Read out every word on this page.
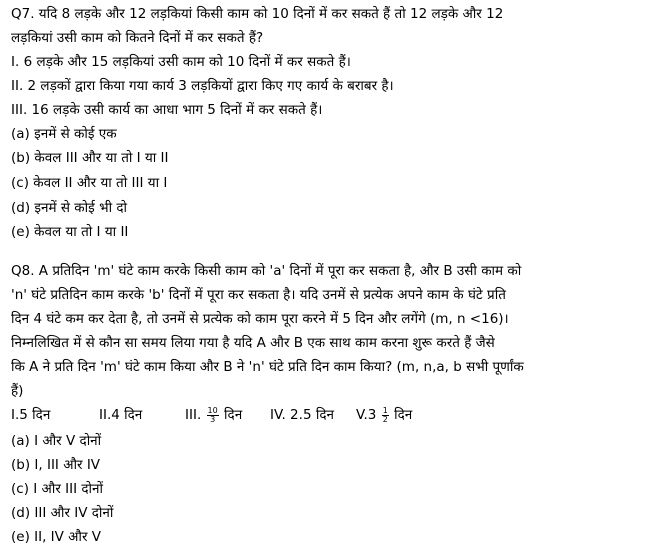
Q7. यदि 8 लड़के और 12 लड़कियां किसी काम को 10 दिनों में कर सकते हैं तो 12 लड़के और 12
लड़कियां उसी काम को कितने दिनों में कर सकते हैं?
I. 6 लड़के और 15 लड़कियां उसी काम को 10 दिनों में कर सकते हैं।
II. 2 लड़कों द्वारा किया गया कार्य 3 लड़कियों द्वारा किए गए कार्य के बराबर है।
III. 16 लड़के उसी कार्य का आधा भाग 5 दिनों में कर सकते हैं।
(a) इनमें से कोई एक
(b) केवल III और या तो I या II
(c) केवल II और या तो III या I
(d) इनमें से कोई भी दो
(e) केवल या तो I या II
Q8. A प्रतिदिन 'm' घंटे काम करके किसी काम को 'a' दिनों में पूरा कर सकता है, और B उसी काम को
'n' घंटे प्रतिदिन काम करके 'b' दिनों में पूरा कर सकता है। यदि उनमें से प्रत्येक अपने काम के घंटे प्रति
दिन 4 घंटे कम कर देता है, तो उनमें से प्रत्येक को काम पूरा करने में 5 दिन और लगेंगे (m, n <16)।
निम्नलिखित में से कौन सा समय लिया गया है यदि A और B एक साथ काम करना शुरू करते हैं जैसे
कि A ने प्रति दिन 'm' घंटे काम किया और B ने 'n' घंटे प्रति दिन काम किया? (m, n,a, b सभी पूर्णांक
हैं)
I.5 दिन	II.4 दिन	III. $\frac{10}{3}$ दिन IV. 2.5 दिन $V.3 \frac{1}{2}$ दिन
(a) I और V दोनों
(b) I, III और IV
(c) I और III दोनों
(d) III और IV दोनों
(e) II, IV और V
